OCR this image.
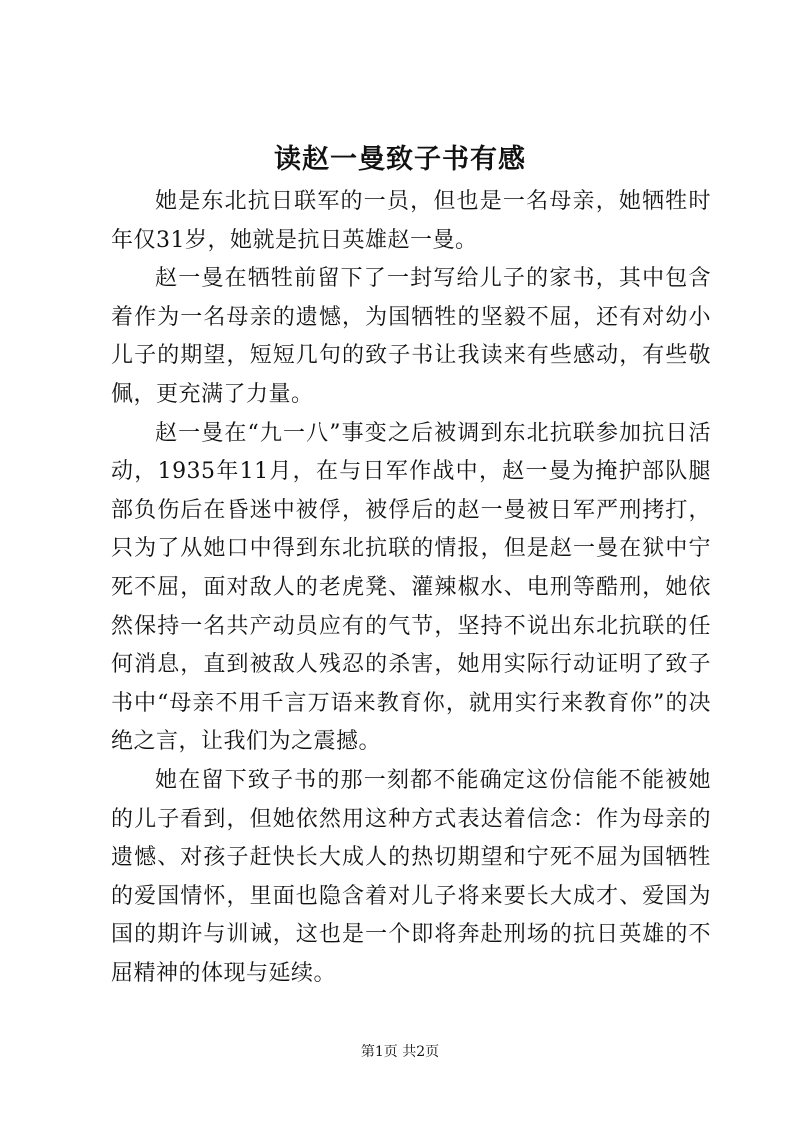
读赵一曼致子书有感

她是东北抗日联军的一员，但也是一名母亲，她牺牲时年仅31岁，她就是抗日英雄赵一曼。

赵一曼在牺牲前留下了一封写给儿子的家书，其中包含着作为一名母亲的遗憾，为国牺牲的坚毅不屈，还有对幼小儿子的期望，短短几句的致子书让我读来有些感动，有些敬佩，更充满了力量。

赵一曼在“九一八”事变之后被调到东北抗联参加抗日活动，1935年11月，在与日军作战中，赵一曼为掩护部队腿部负伤后在昏迷中被俘，被俘后的赵一曼被日军严刑拷打，只为了从她口中得到东北抗联的情报，但是赵一曼在狱中宁死不屈，面对敌人的老虎凳、灌辣椒水、电刑等酷刑，她依然保持一名共产动员应有的气节，坚持不说出东北抗联的任何消息，直到被敌人残忍的杀害，她用实际行动证明了致子书中“母亲不用千言万语来教育你，就用实行来教育你”的决绝之言，让我们为之震撼。

她在留下致子书的那一刻都不能确定这份信能不能被她的儿子看到，但她依然用这种方式表达着信念：作为母亲的遗憾、对孩子赶快长大成人的热切期望和宁死不屈为国牺牲的爱国情怀，里面也隐含着对儿子将来要长大成才、爱国为国的期许与训诫，这也是一个即将奔赴刑场的抗日英雄的不屈精神的体现与延续。

第1页 共2页
